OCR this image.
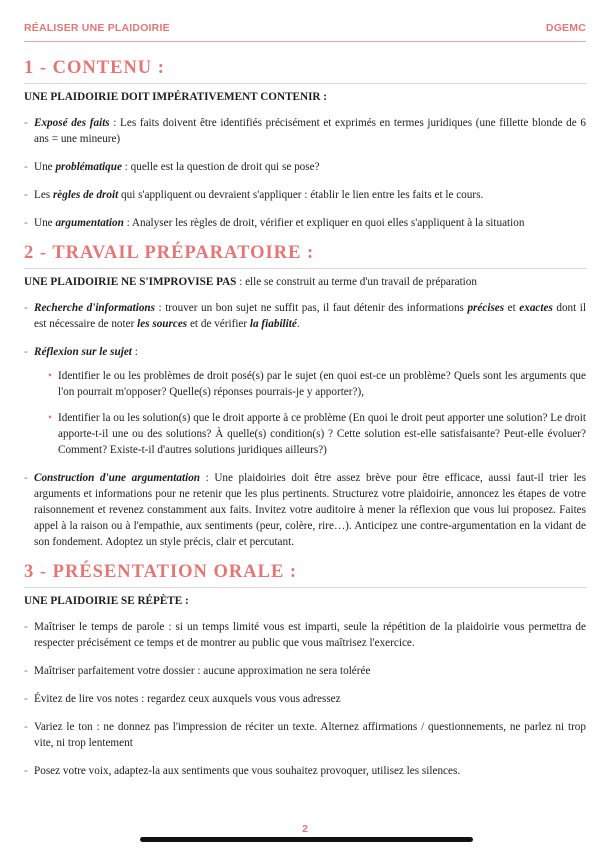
RÉALISER UNE PLAIDOIRIE	DGEMC
1 - CONTENU :

UNE PLAIDOIRIE DOIT IMPÉRATIVEMENT CONTENIR :

- Exposé des faits : Les faits doivent être identifiés précisément et exprimés en termes juridiques (une fillette blonde de 6 ans = une mineure)
- Une problématique : quelle est la question de droit qui se pose?
- Les règles de droit qui s'appliquent ou devraient s'appliquer : établir le lien entre les faits et le cours.
- Une argumentation : Analyser les règles de droit, vérifier et expliquer en quoi elles s'appliquent à la situation
2 - TRAVAIL PRÉPARATOIRE :

UNE PLAIDOIRIE NE S'IMPROVISE PAS : elle se construit au terme d'un travail de préparation

- Recherche d'informations : trouver un bon sujet ne suffit pas, il faut détenir des informations précises et exactes dont il est nécessaire de noter les sources et de vérifier la fiabilité.
- Réflexion sur le sujet :
• Identifier le ou les problèmes de droit posé(s) par le sujet (en quoi est-ce un problème? Quels sont les arguments que l'on pourrait m'opposer? Quelle(s) réponses pourrais-je y apporter?),
• Identifier la ou les solution(s) que le droit apporte à ce problème (En quoi le droit peut apporter une solution? Le droit apporte-t-il une ou des solutions? À quelle(s) condition(s) ? Cette solution est-elle satisfaisante? Peut-elle évoluer? Comment? Existe-t-il d'autres solutions juridiques ailleurs?)
- Construction d'une argumentation : Une plaidoiries doit être assez brève pour être efficace, aussi faut-il trier les arguments et informations pour ne retenir que les plus pertinents. Structurez votre plaidoirie, annoncez les étapes de votre raisonnement et revenez constamment aux faits. Invitez votre auditoire à mener la réflexion que vous lui proposez. Faites appel à la raison ou à l'empathie, aux sentiments (peur, colère, rire…). Anticipez une contre-argumentation en la vidant de son fondement. Adoptez un style précis, clair et percutant.
3 - PRÉSENTATION ORALE :

UNE PLAIDOIRIE SE RÉPÈTE :

- Maîtriser le temps de parole : si un temps limité vous est imparti, seule la répétition de la plaidoirie vous permettra de respecter précisément ce temps et de montrer au public que vous maîtrisez l'exercice.
- Maîtriser parfaitement votre dossier : aucune approximation ne sera tolérée
- Évitez de lire vos notes : regardez ceux auxquels vous vous adressez
- Variez le ton : ne donnez pas l'impression de réciter un texte. Alternez affirmations / questionnements, ne parlez ni trop vite, ni trop lentement
- Posez votre voix, adaptez-la aux sentiments que vous souhaitez provoquer, utilisez les silences.
2
